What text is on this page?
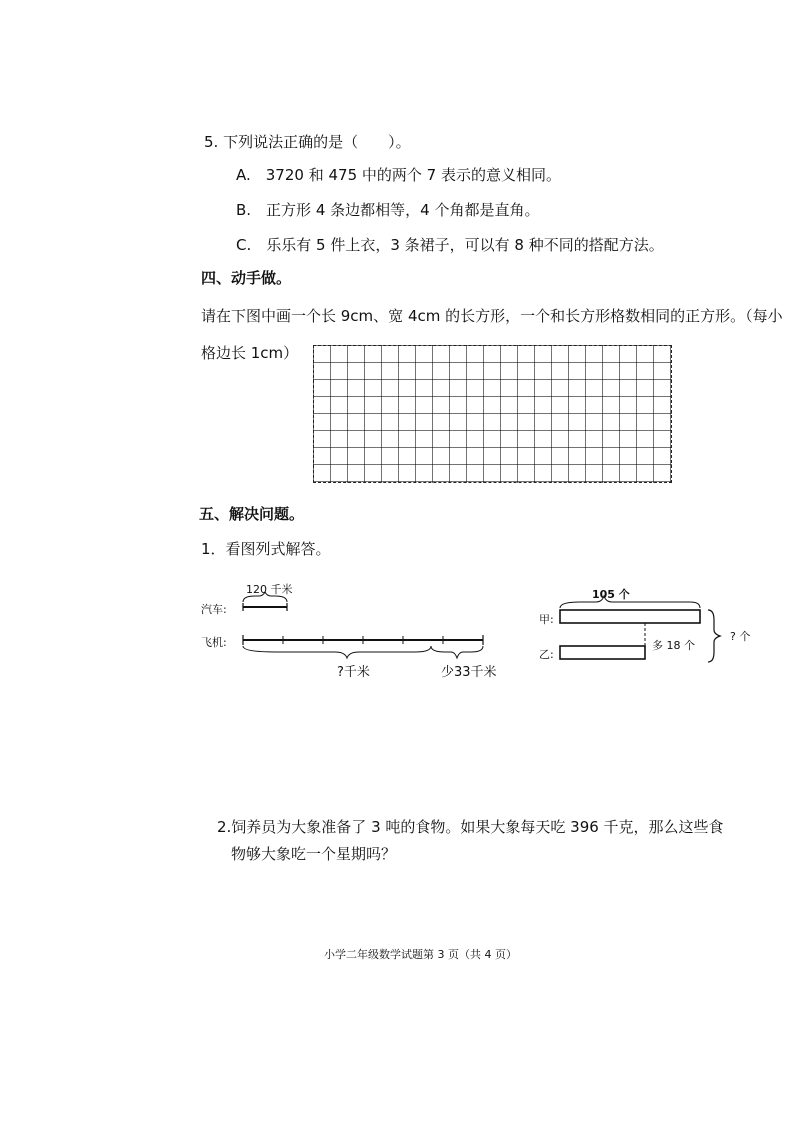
5. 下列说法正确的是（　　）。
A.　3720 和 475 中的两个 7 表示的意义相同。
B.　正方形 4 条边都相等，4 个角都是直角。
C.　乐乐有 5 件上衣，3 条裙子，可以有 8 种不同的搭配方法。
四、动手做。
请在下图中画一个长 9cm、宽 4cm 的长方形，一个和长方形格数相同的正方形。（每小
格边长 1cm）
五、解决问题。
1．看图列式解答。
120 千米
汽车:
飞机:
?千米	少33千米
105 个
甲:
乙:
多 18 个
? 个
2.饲养员为大象准备了 3 吨的食物。如果大象每天吃 396 千克，那么这些食
物够大象吃一个星期吗？
小学二年级数学试题第 3 页（共 4 页）
